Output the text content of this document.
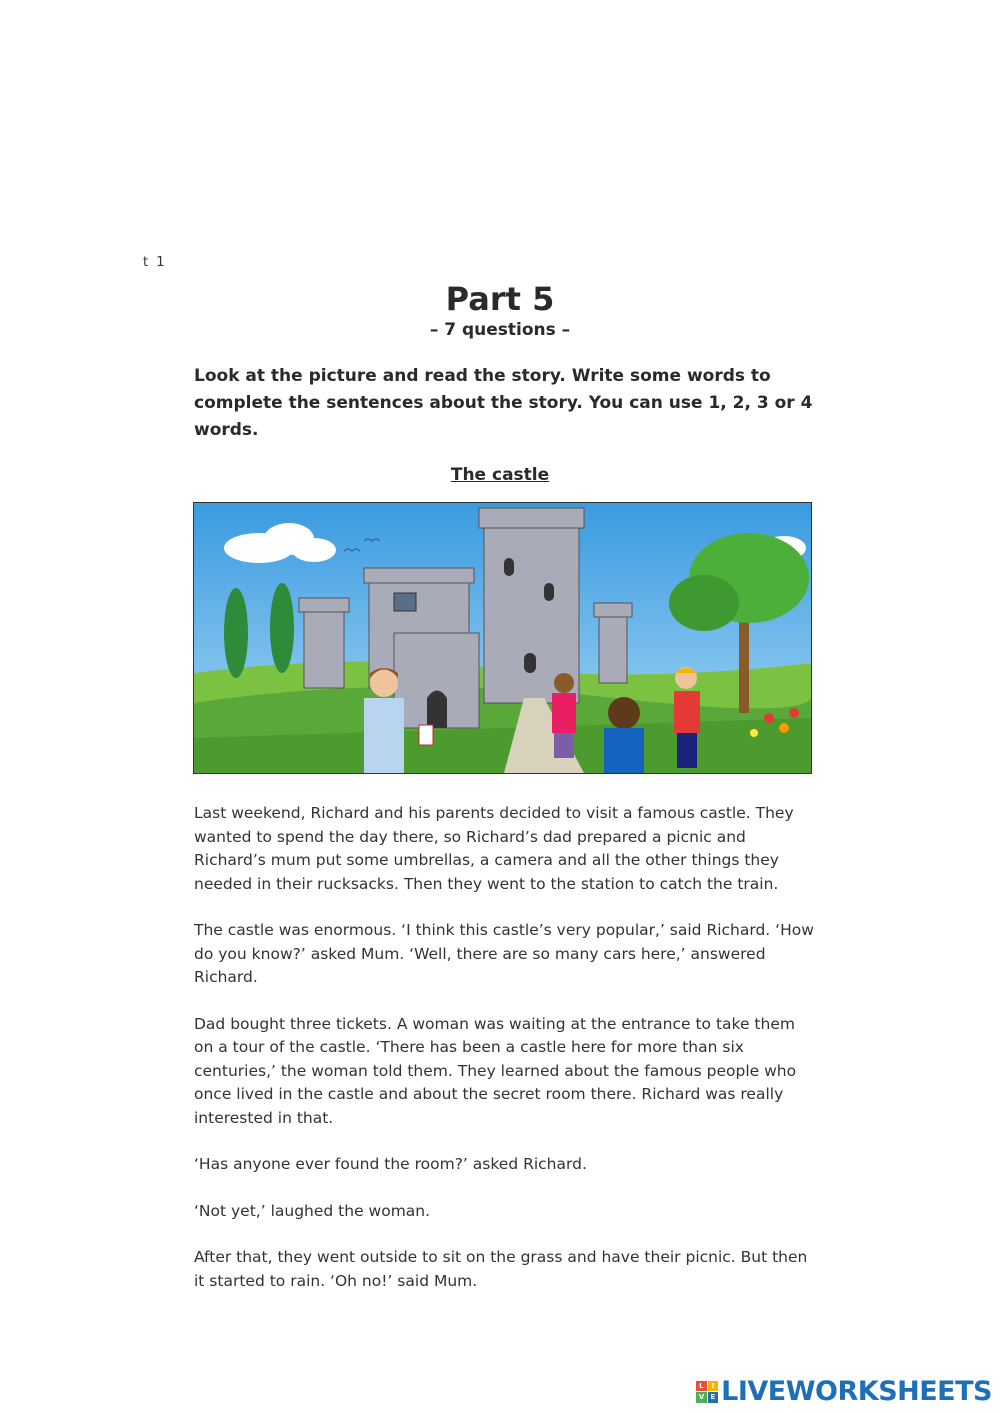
t 1
Part 5
– 7 questions –

Look at the picture and read the story. Write some words to complete the sentences about the story. You can use 1, 2, 3 or 4 words.

The castle

Last weekend, Richard and his parents decided to visit a famous castle. They wanted to spend the day there, so Richard’s dad prepared a picnic and Richard’s mum put some umbrellas, a camera and all the other things they needed in their rucksacks. Then they went to the station to catch the train.

The castle was enormous. ‘I think this castle’s very popular,’ said Richard. ‘How do you know?’ asked Mum. ‘Well, there are so many cars here,’ answered Richard.

Dad bought three tickets. A woman was waiting at the entrance to take them on a tour of the castle. ‘There has been a castle here for more than six centuries,’ the woman told them. They learned about the famous people who once lived in the castle and about the secret room there. Richard was really interested in that.

‘Has anyone ever found the room?’ asked Richard.

‘Not yet,’ laughed the woman.

After that, they went outside to sit on the grass and have their picnic. But then it started to rain. ‘Oh no!’ said Mum.

L	I
V E LIVEWORKSHEETS
